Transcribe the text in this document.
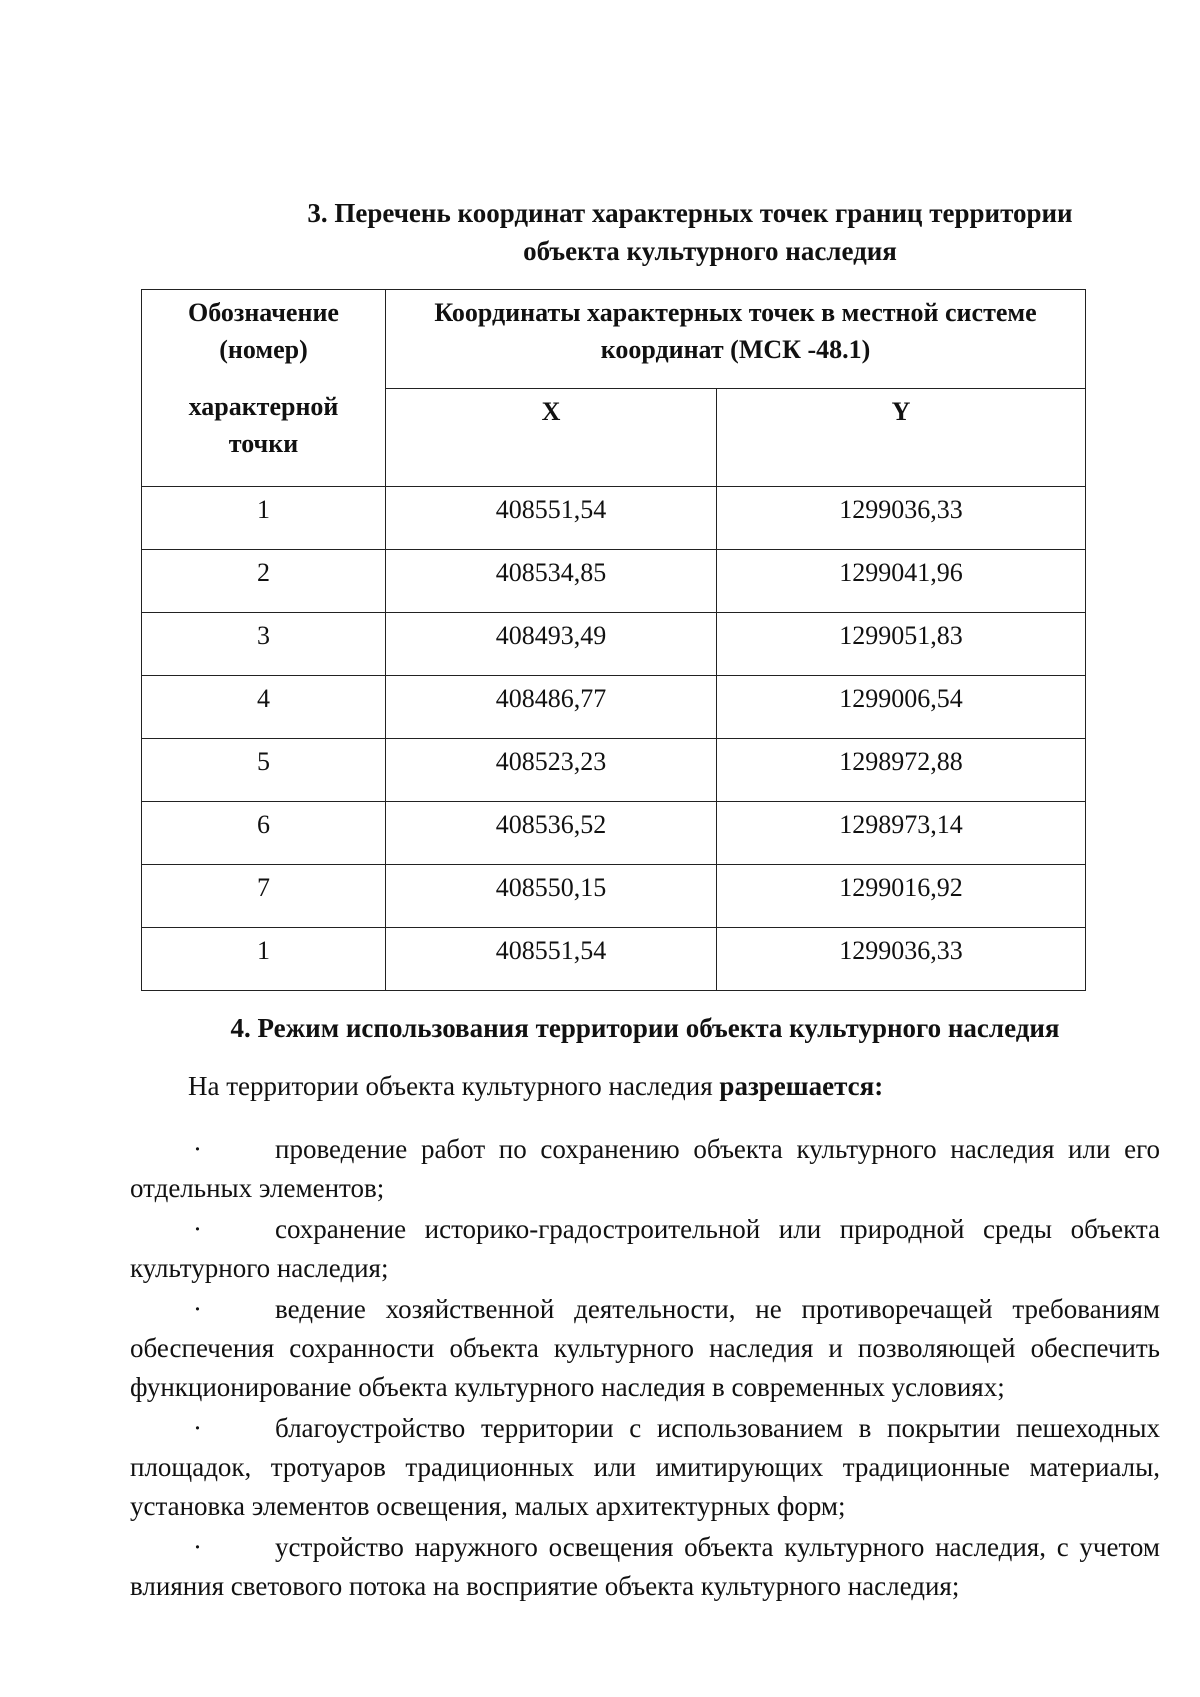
3. Перечень координат характерных точек границ территории
объекта культурного наследия
Обозначение
(номер)
характерной
точки	Координаты характерных точек в местной системе
координат (МСК -48.1)	

	X	Y
1	408551,54	1299036,33
2	408534,85	1299041,96
3	408493,49	1299051,83
4	408486,77	1299006,54
5	408523,23	1298972,88
6	408536,52	1298973,14
7	408550,15	1299016,92
1	408551,54	1299036,33
4. Режим использования территории объекта культурного наследия
На территории объекта культурного наследия разрешается:
·	проведение работ по сохранению объекта культурного наследия или его отдельных элементов;
·	сохранение историко-градостроительной или природной среды объекта культурного наследия;
·	ведение хозяйственной деятельности, не противоречащей требованиям обеспечения сохранности объекта культурного наследия и позволяющей обеспечить функционирование объекта культурного наследия в современных условиях;
·	благоустройство территории с использованием в покрытии пешеходных площадок, тротуаров традиционных или имитирующих традиционные материалы, установка элементов освещения, малых архитектурных форм;
·	устройство наружного освещения объекта культурного наследия, с учетом влияния светового потока на восприятие объекта культурного наследия;
